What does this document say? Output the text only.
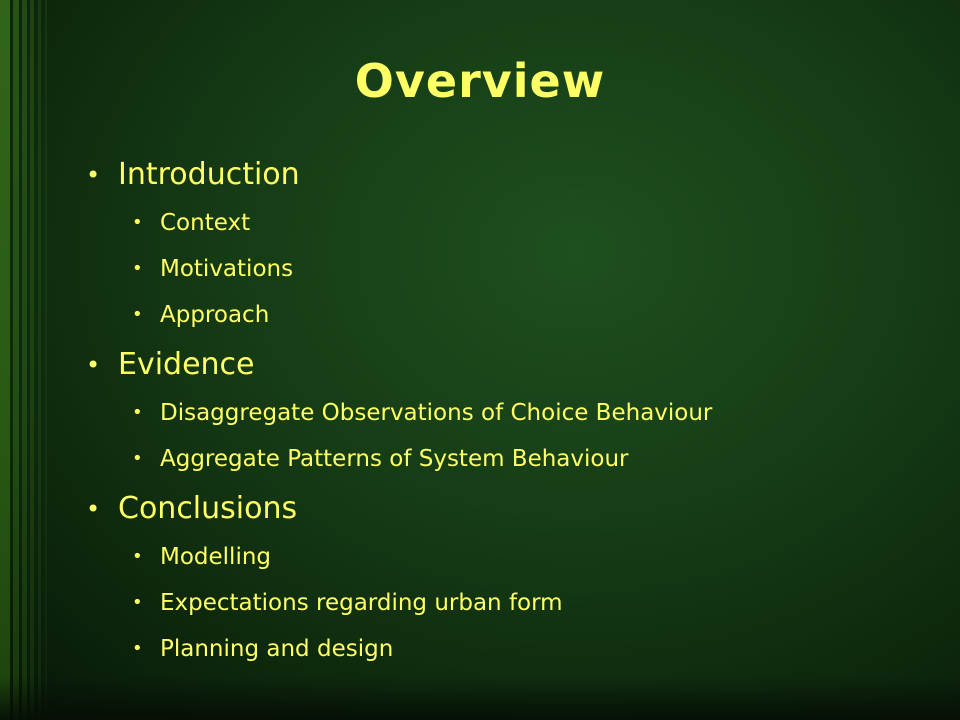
Overview
• Introduction
• Context
• Motivations
• Approach
• Evidence
• Disaggregate Observations of Choice Behaviour
• Aggregate Patterns of System Behaviour
• Conclusions
• Modelling
• Expectations regarding urban form
• Planning and design
